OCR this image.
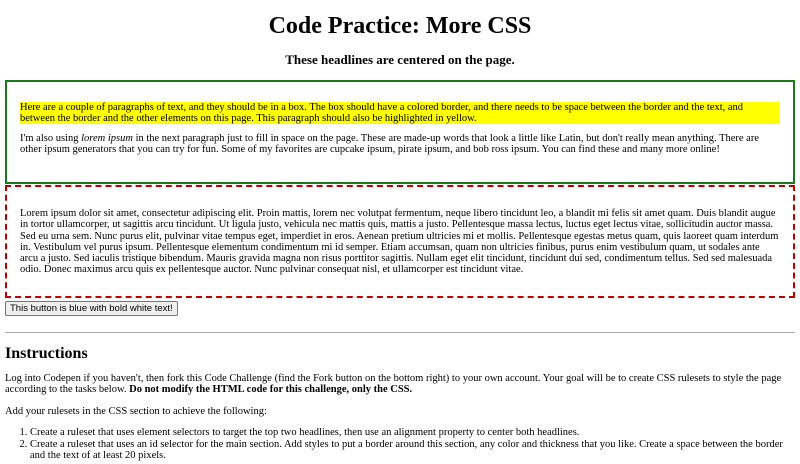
Code Practice: More CSS
These headlines are centered on the page.

Here are a couple of paragraphs of text, and they should be in a box. The box should have a colored border, and there needs to be space between the border and the text, and between the border and the other elements on this page. This paragraph should also be highlighted in yellow.

I'm also using lorem ipsum in the next paragraph just to fill in space on the page. These are made-up words that look a little like Latin, but don't really mean anything. There are other ipsum generators that you can try for fun. Some of my favorites are cupcake ipsum, pirate ipsum, and bob ross ipsum. You can find these and many more online!

Lorem ipsum dolor sit amet, consectetur adipiscing elit. Proin mattis, lorem nec volutpat fermentum, neque libero tincidunt leo, a blandit mi felis sit amet quam. Duis blandit augue in tortor ullamcorper, ut sagittis arcu tincidunt. Ut ligula justo, vehicula nec mattis quis, mattis a justo. Pellentesque massa lectus, luctus eget lectus vitae, sollicitudin auctor massa. Sed eu urna sem. Nunc purus elit, pulvinar vitae tempus eget, imperdiet in eros. Aenean pretium ultricies mi et mollis. Pellentesque egestas metus quam, quis laoreet quam interdum in. Vestibulum vel purus ipsum. Pellentesque elementum condimentum mi id semper. Etiam accumsan, quam non ultricies finibus, purus enim vestibulum quam, ut sodales ante arcu a justo. Sed iaculis tristique bibendum. Mauris gravida magna non risus porttitor sagittis. Nullam eget elit tincidunt, tincidunt dui sed, condimentum tellus. Sed sed malesuada odio. Donec maximus arcu quis ex pellentesque auctor. Nunc pulvinar consequat nisl, et ullamcorper est tincidunt vitae.

This button is blue with bold white text!
Instructions

Log into Codepen if you haven't, then fork this Code Challenge (find the Fork button on the bottom right) to your own account. Your goal will be to create CSS rulesets to style the page according to the tasks below. Do not modify the HTML code for this challenge, only the CSS.

Add your rulesets in the CSS section to achieve the following:

1. Create a ruleset that uses element selectors to target the top two headlines, then use an alignment property to center both headlines.
2. Create a ruleset that uses an id selector for the main section. Add styles to put a border around this section, any color and thickness that you like. Create a space between the border and the text of at least 20 pixels.
